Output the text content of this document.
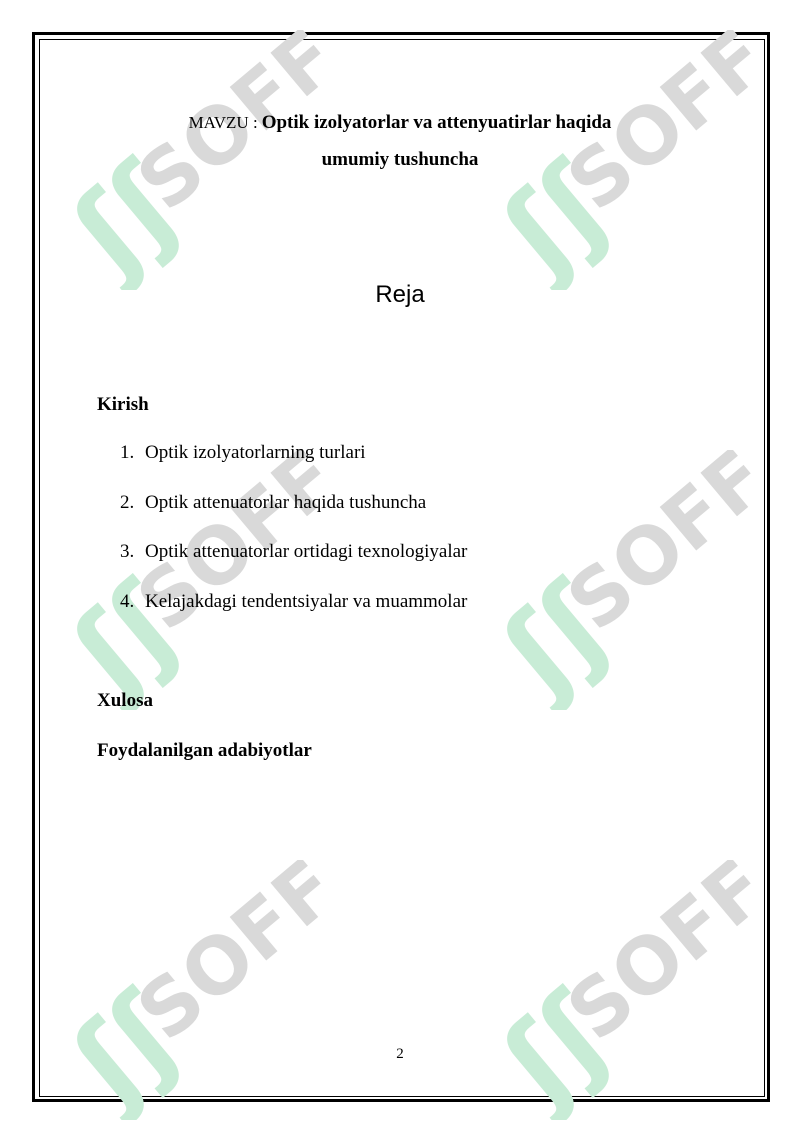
SOFF
ʃʃ	SOFF
ʃʃ
SOFF
ʃʃ	SOFF
ʃʃ
SOFF
ʃʃ	SOFF
ʃʃ
MAVZU : Optik izolyatorlar va attenyuatirlar haqida
umumiy tushuncha
Reja
Kirish
1. Optik izolyatorlarning turlari
2. Optik attenuatorlar haqida tushuncha
3. Optik attenuatorlar ortidagi texnologiyalar
4. Kelajakdagi tendentsiyalar va muammolar
Xulosa
Foydalanilgan adabiyotlar
2
